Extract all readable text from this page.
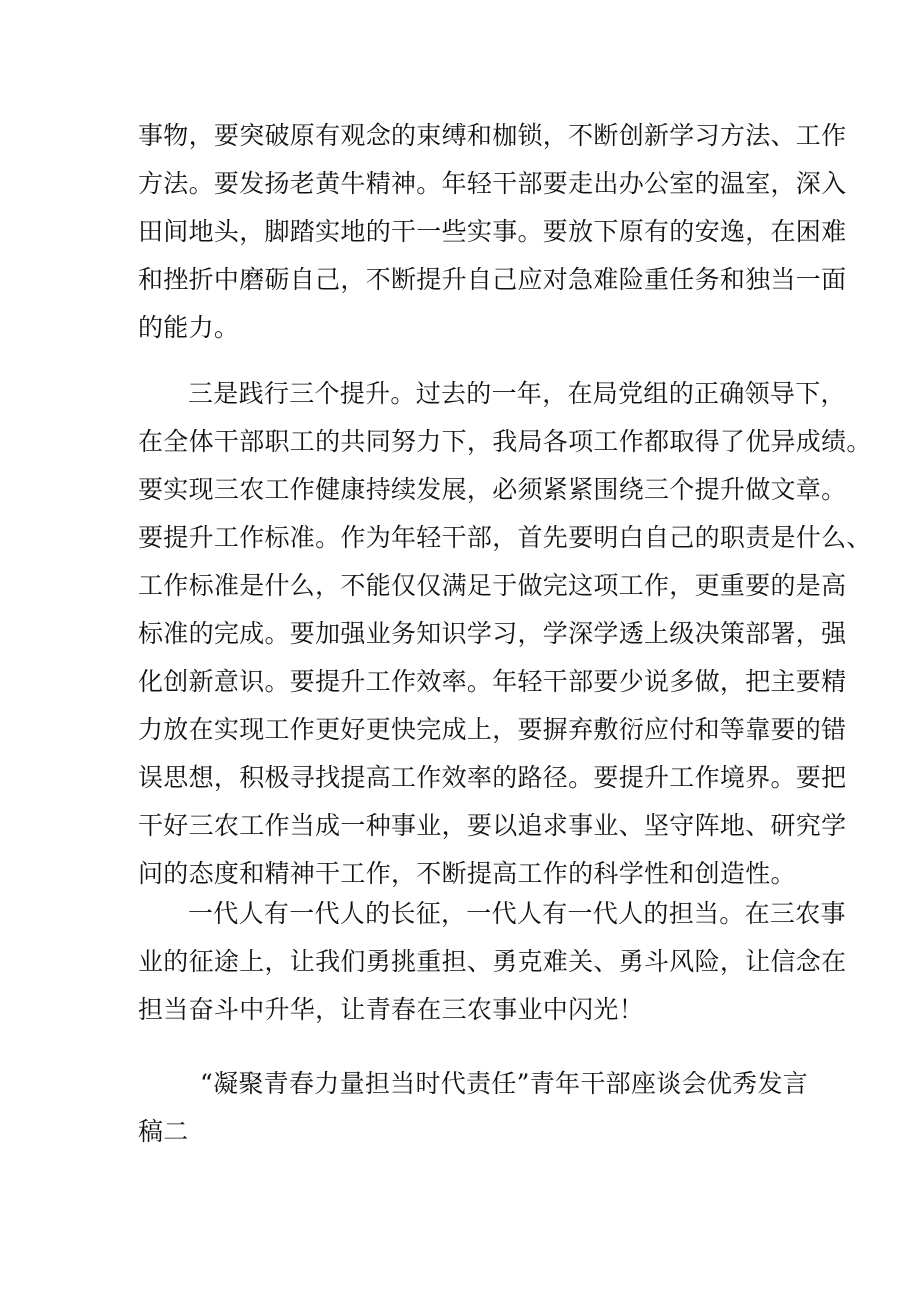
事物，要突破原有观念的束缚和枷锁，不断创新学习方法、工作
方法。要发扬老黄牛精神。年轻干部要走出办公室的温室，深入
田间地头，脚踏实地的干一些实事。要放下原有的安逸，在困难
和挫折中磨砺自己，不断提升自己应对急难险重任务和独当一面
的能力。
三是践行三个提升。过去的一年，在局党组的正确领导下，
在全体干部职工的共同努力下，我局各项工作都取得了优异成绩。
要实现三农工作健康持续发展，必须紧紧围绕三个提升做文章。
要提升工作标准。作为年轻干部，首先要明白自己的职责是什么、
工作标准是什么，不能仅仅满足于做完这项工作，更重要的是高
标准的完成。要加强业务知识学习，学深学透上级决策部署，强
化创新意识。要提升工作效率。年轻干部要少说多做，把主要精
力放在实现工作更好更快完成上，要摒弃敷衍应付和等靠要的错
误思想，积极寻找提高工作效率的路径。要提升工作境界。要把
干好三农工作当成一种事业，要以追求事业、坚守阵地、研究学
问的态度和精神干工作，不断提高工作的科学性和创造性。
一代人有一代人的长征，一代人有一代人的担当。在三农事
业的征途上，让我们勇挑重担、勇克难关、勇斗风险，让信念在
担当奋斗中升华，让青春在三农事业中闪光！
“凝聚青春力量担当时代责任”青年干部座谈会优秀发言
稿二
